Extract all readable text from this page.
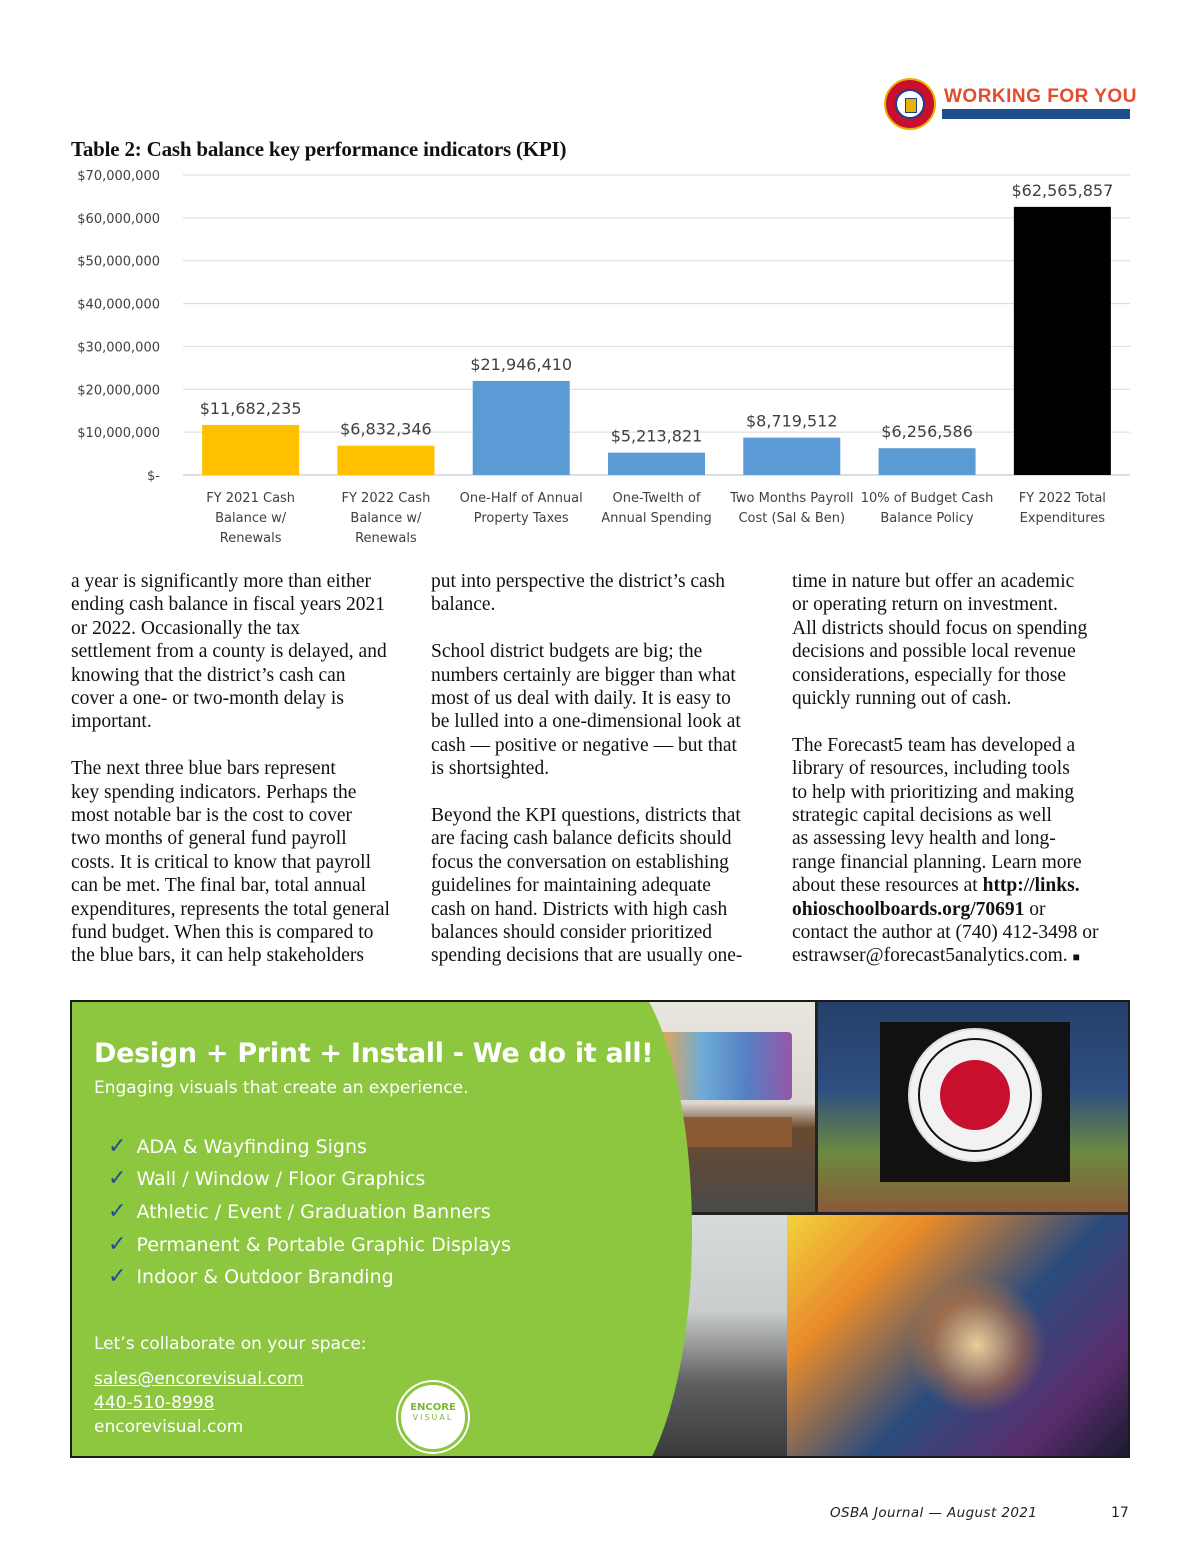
WORKING FOR YOU
Table 2: Cash balance key performance indicators (KPI)
$-
$10,000,000
$20,000,000
$30,000,000
$40,000,000
$50,000,000
$60,000,000
$70,000,000
$11,682,235
FY 2021 Cash
Balance w/
Renewals
$6,832,346
FY 2022 Cash
Balance w/
Renewals
$21,946,410
One-Half of Annual
Property Taxes
$5,213,821
One-Twelth of
Annual Spending
$8,719,512
Two Months Payroll
Cost (Sal & Ben)
$6,256,586
10% of Budget Cash
Balance Policy
$62,565,857
FY 2022 Total
Expenditures

a year is significantly more than either
ending cash balance in fiscal years 2021
or 2022. Occasionally the tax
settlement from a county is delayed, and
knowing that the district’s cash can
cover a one- or two-month delay is
important.

The next three blue bars represent
key spending indicators. Perhaps the
most notable bar is the cost to cover
two months of general fund payroll
costs. It is critical to know that payroll
can be met. The final bar, total annual
expenditures, represents the total general
fund budget. When this is compared to
the blue bars, it can help stakeholders

put into perspective the district’s cash
balance.

School district budgets are big; the
numbers certainly are bigger than what
most of us deal with daily. It is easy to
be lulled into a one-dimensional look at
cash — positive or negative — but that
is shortsighted.

Beyond the KPI questions, districts that
are facing cash balance deficits should
focus the conversation on establishing
guidelines for maintaining adequate
cash on hand. Districts with high cash
balances should consider prioritized
spending decisions that are usually one-

time in nature but offer an academic
or operating return on investment.
All districts should focus on spending
decisions and possible local revenue
considerations, especially for those
quickly running out of cash.

The Forecast5 team has developed a
library of resources, including tools
to help with prioritizing and making
strategic capital decisions as well
as assessing levy health and long-
range financial planning. Learn more
about these resources at http://links.
ohioschoolboards.org/70691 or
contact the author at (740) 412-3498 or
estrawser@forecast5analytics.com. ■

Design + Print + Install - We do it all!
Engaging visuals that create an experience.
✓ ADA & Wayfinding Signs
✓ Wall / Window / Floor Graphics
✓ Athletic / Event / Graduation Banners
✓ Permanent & Portable Graphic Displays
✓ Indoor & Outdoor Branding
Let’s collaborate on your space:
sales@encorevisual.com
440-510-8998
encorevisual.com
ENCORE
VISUAL
OSBA Journal — August 2021	17
